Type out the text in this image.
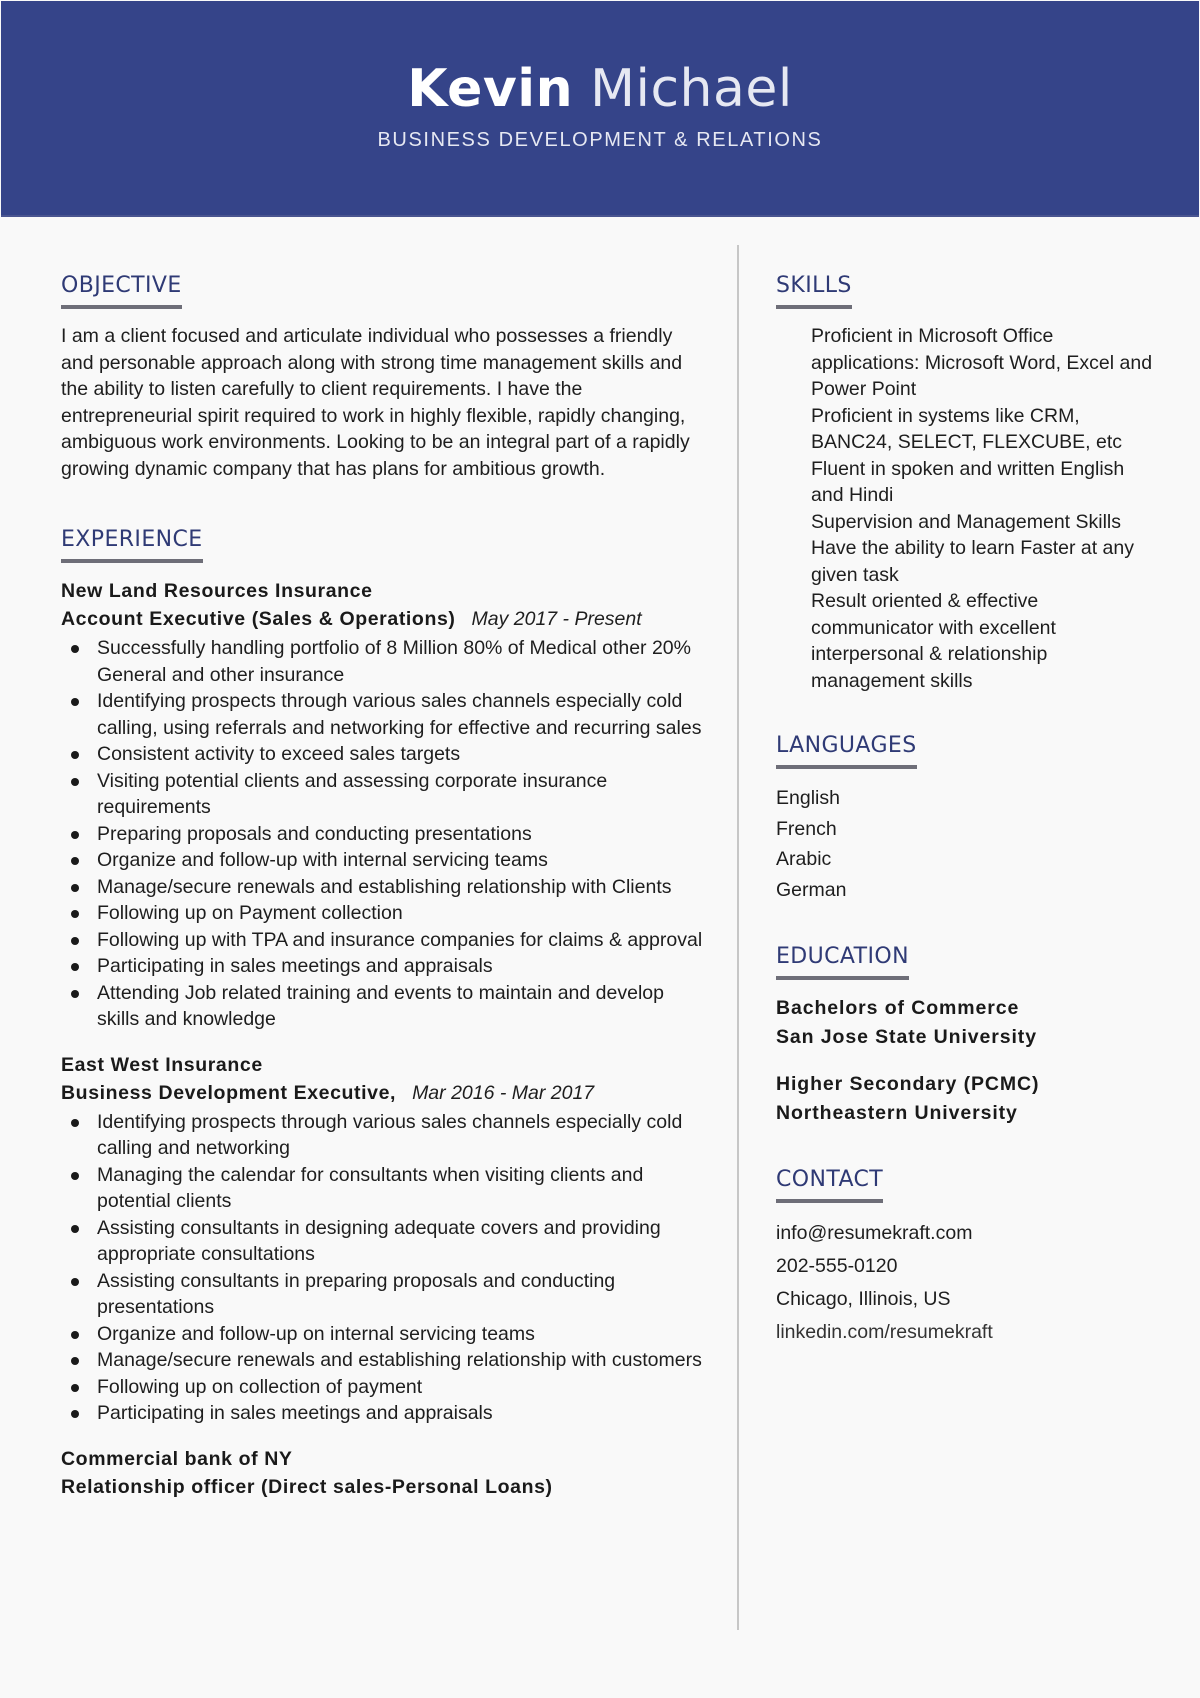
Kevin Michael
BUSINESS DEVELOPMENT & RELATIONS
OBJECTIVE

I am a client focused and articulate individual who possesses a friendly and personable approach along with strong time management skills and the ability to listen carefully to client requirements. I have the entrepreneurial spirit required to work in highly flexible, rapidly changing, ambiguous work environments. Looking to be an integral part of a rapidly growing dynamic company that has plans for ambitious growth.

EXPERIENCE
New Land Resources Insurance
Account Executive (Sales & Operations) May 2017 - Present
Successfully handling portfolio of 8 Million 80% of Medical other 20% General and other insurance
Identifying prospects through various sales channels especially cold calling, using referrals and networking for effective and recurring sales
Consistent activity to exceed sales targets
Visiting potential clients and assessing corporate insurance requirements
Preparing proposals and conducting presentations
Organize and follow-up with internal servicing teams
Manage/secure renewals and establishing relationship with Clients
Following up on Payment collection
Following up with TPA and insurance companies for claims & approval
Participating in sales meetings and appraisals
Attending Job related training and events to maintain and develop skills and knowledge
East West Insurance
Business Development Executive, Mar 2016 - Mar 2017
Identifying prospects through various sales channels especially cold calling and networking
Managing the calendar for consultants when visiting clients and potential clients
Assisting consultants in designing adequate covers and providing appropriate consultations
Assisting consultants in preparing proposals and conducting presentations
Organize and follow-up on internal servicing teams
Manage/secure renewals and establishing relationship with customers
Following up on collection of payment
Participating in sales meetings and appraisals
Commercial bank of NY
Relationship officer (Direct sales-Personal Loans)
SKILLS
Proficient in Microsoft Office applications: Microsoft Word, Excel and Power Point
Proficient in systems like CRM, BANC24, SELECT, FLEXCUBE, etc
Fluent in spoken and written English and Hindi
Supervision and Management Skills
Have the ability to learn Faster at any given task
Result oriented & effective communicator with excellent interpersonal & relationship management skills
LANGUAGES
English
French
Arabic
German
EDUCATION
Bachelors of Commerce
San Jose State University
Higher Secondary (PCMC)
Northeastern University
CONTACT
info@resumekraft.com
202-555-0120
Chicago, Illinois, US
linkedin.com/resumekraft
